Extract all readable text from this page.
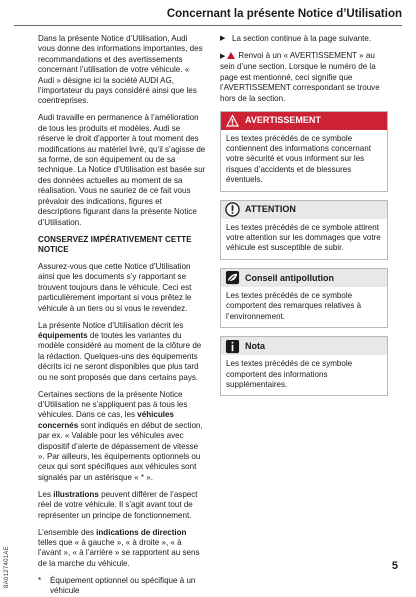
Concernant la présente Notice d’Utilisation

Dans la présente Notice d’Utilisation, Audi vous donne des informations importantes, des recommandations et des avertissements concernant l’utilisation de votre véhicule. « Audi » désigne ici la société AUDI AG, l’importateur du pays considéré ainsi que les coentreprises.

Audi travaille en permanence à l’amélioration de tous les produits et modèles. Audi se réserve le droit d’apporter à tout moment des modifications au matériel livré, qu’il s’agisse de sa forme, de son équipement ou de sa technique. La Notice d’Utilisation est basée sur des données actuelles au moment de sa réalisation. Vous ne sauriez de ce fait vous prévaloir des indications, figures et descriptions figurant dans la présente Notice d’Utilisation.

CONSERVEZ IMPÉRATIVEMENT CETTE NOTICE

Assurez-vous que cette Notice d’Utilisation ainsi que les documents s’y rapportant se trouvent toujours dans le véhicule. Ceci est particulièrement important si vous prêtez le véhicule à un tiers ou si vous le revendez.

La présente Notice d’Utilisation décrit les équipements de toutes les variantes du modèle considéré au moment de la clôture de la rédaction. Quelques-uns des équipements décrits ici ne seront disponibles que plus tard ou ne sont proposés que dans certains pays.

Certaines sections de la présente Notice d’Utilisation ne s’appliquent pas à tous les véhicules. Dans ce cas, les véhicules concernés sont indiqués en début de section, par ex. « Valable pour les véhicules avec dispositif d’alerte de dépassement de vitesse ». Par ailleurs, les équipements optionnels ou ceux qui sont spécifiques aux véhicules sont signalés par un astérisque « * ».

Les illustrations peuvent différer de l’aspect réel de votre véhicule. Il s’agit avant tout de représenter un principe de fonctionnement.

L’ensemble des indications de direction telles que « à gauche », « à droite », « à l’avant », « à l’arrière » se rapportent au sens de la marche du véhicule.

*	Équipement optionnel ou spécifique à un véhicule
▶ La section continue à la page suivante.

▶ Renvoi à un « AVERTISSEMENT » au sein d’une section. Lorsque le numéro de la page est mentionné, ceci signifie que l’AVERTISSEMENT correspondant se trouve hors de la section.

AVERTISSEMENT
Les textes précédés de ce symbole contiennent des informations concernant votre sécurité et vous informent sur les risques d’accidents et de blessures éventuels.
ATTENTION
Les textes précédés de ce symbole attirent votre attention sur les dommages que votre véhicule est susceptible de subir.
Conseil antipollution
Les textes précédés de ce symbole comportent des remarques relatives à l’environnement.
Nota
Les textes précédés de ce symbole comportent des informations supplémentaires.
8A0127401AE	5
